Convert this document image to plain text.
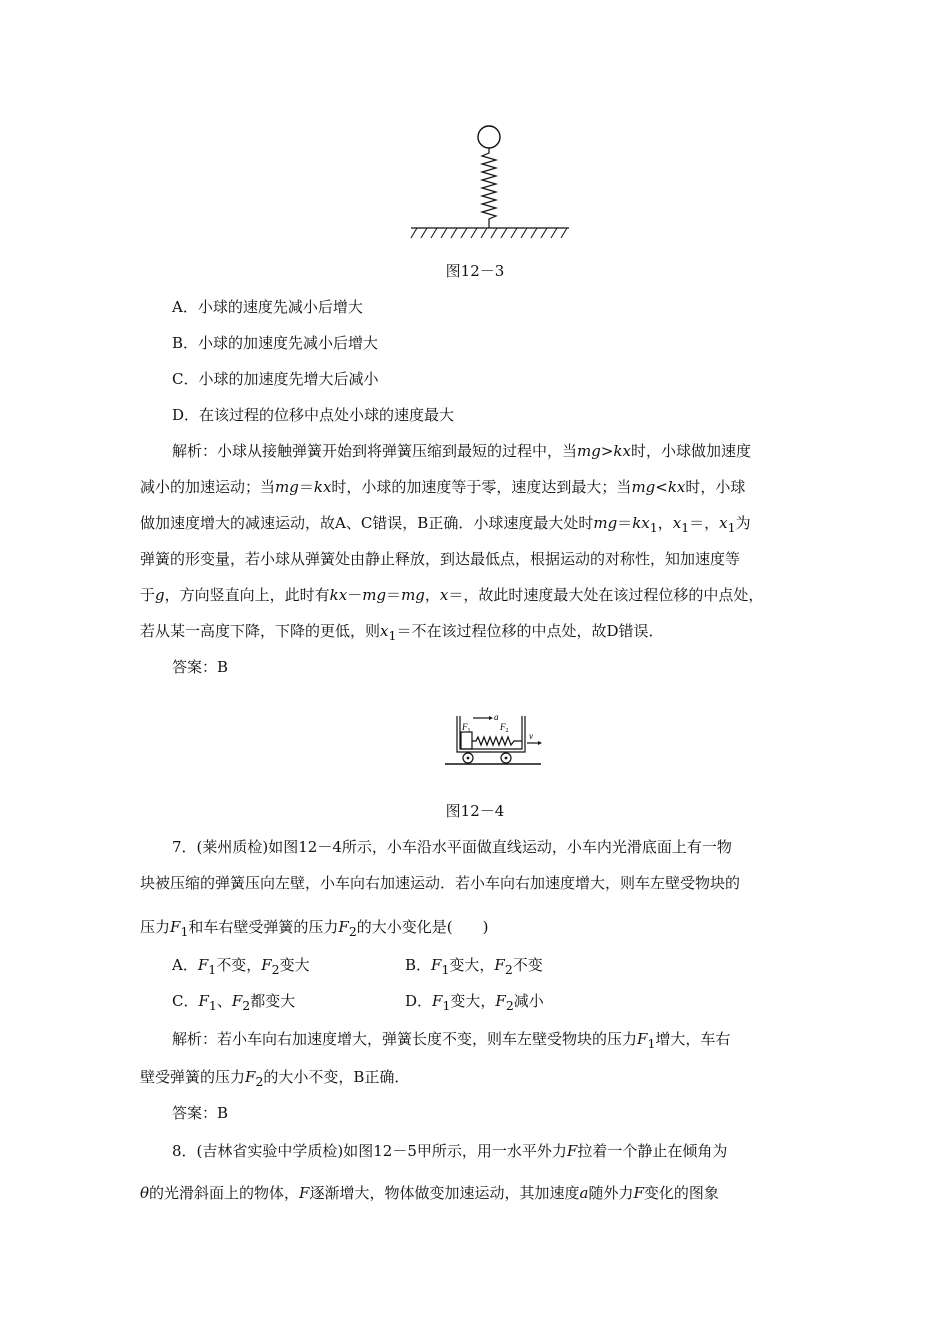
图12－3
A．小球的速度先减小后增大
B．小球的加速度先减小后增大
C．小球的加速度先增大后减小
D．在该过程的位移中点处小球的速度最大
解析：小球从接触弹簧开始到将弹簧压缩到最短的过程中，当mg>kx时，小球做加速度
减小的加速运动；当mg＝kx时，小球的加速度等于零，速度达到最大；当mg<kx时，小球
做加速度增大的减速运动，故A、C错误，B正确．小球速度最大处时$mg=kx_1$，$x_1=$，$x_1$为
弹簧的形变量，若小球从弹簧处由静止释放，到达最低点，根据运动的对称性，知加速度等
于g，方向竖直向上，此时有kx－mg＝mg，x＝，故此时速度最大处在该过程位移的中点处，
若从某一高度下降，下降的更低，则$x_1=$不在该过程位移的中点处，故D错误．
答案：B
a
v
$F_1$	$F_2$
图12－4
7．(莱州质检)如图12－4所示，小车沿水平面做直线运动，小车内光滑底面上有一物
块被压缩的弹簧压向左壁，小车向右加速运动．若小车向右加速度增大，则车左壁受物块的
压力$F_1$和车右壁受弹簧的压力$F_2$的大小变化是(　　)
A．$F_1$不变，$F_2$变大	B．$F_1$变大，$F_2$不变
C．$F_1$、$F_2$都变大	D．$F_1$变大，$F_2$减小
解析：若小车向右加速度增大，弹簧长度不变，则车左壁受物块的压力$F_1$增大，车右
壁受弹簧的压力$F_2$的大小不变，B正确．
答案：B
8．(吉林省实验中学质检)如图12－5甲所示，用一水平外力F拉着一个静止在倾角为
θ的光滑斜面上的物体，F逐渐增大，物体做变加速运动，其加速度a随外力F变化的图象
